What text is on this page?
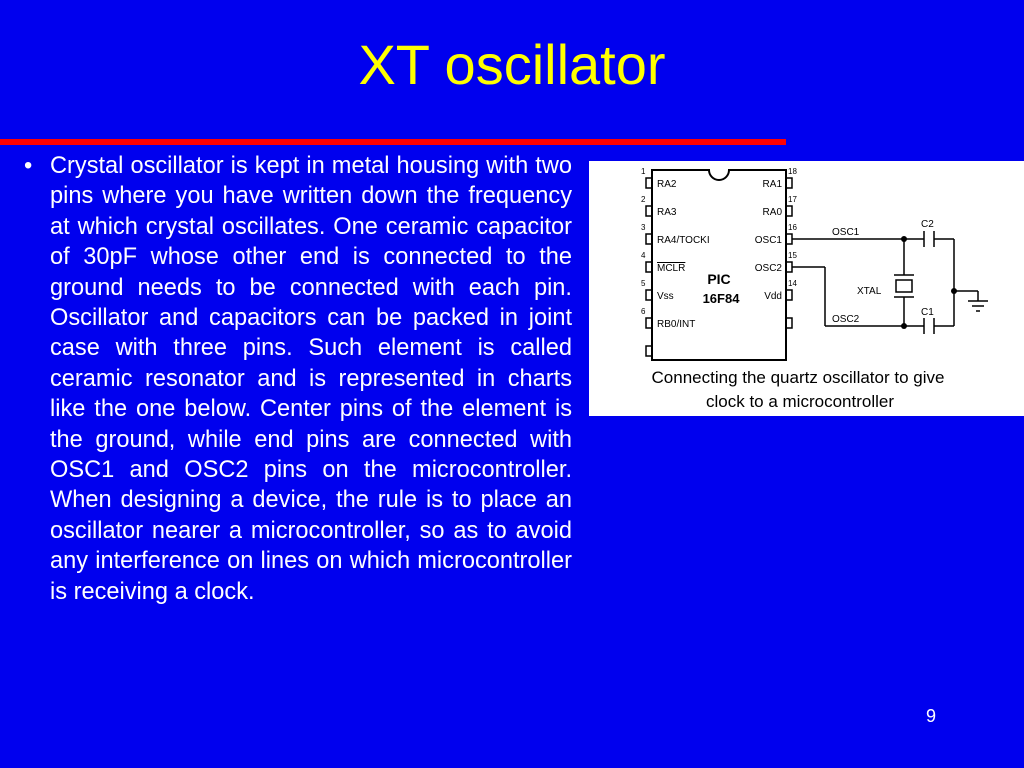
XT oscillator
• Crystal oscillator is kept in metal housing with two pins where you have written down the frequency at which crystal oscillates. One ceramic capacitor of 30pF whose other end is connected to the ground needs to be connected with each pin. Oscillator and capacitors can be packed in joint case with three pins. Such element is called ceramic resonator and is represented in charts like the one below. Center pins of the element is the ground, while end pins are connected with OSC1 and OSC2 pins on the microcontroller. When designing a device, the rule is to place an oscillator nearer a microcontroller, so as to avoid any interference on lines on which microcontroller is receiving a clock.
1
2
3
4
5
6
RA2
RA3
RA4/TOCKI
MCLR
Vss
RB0/INT
18
17
16
15
14
RA1
RA0
OSC1
OSC2
Vdd
PIC
16F84
OSC1
OSC2
C2
C1
XTAL
Connecting the quartz oscillator to give
clock to a microcontroller
9
